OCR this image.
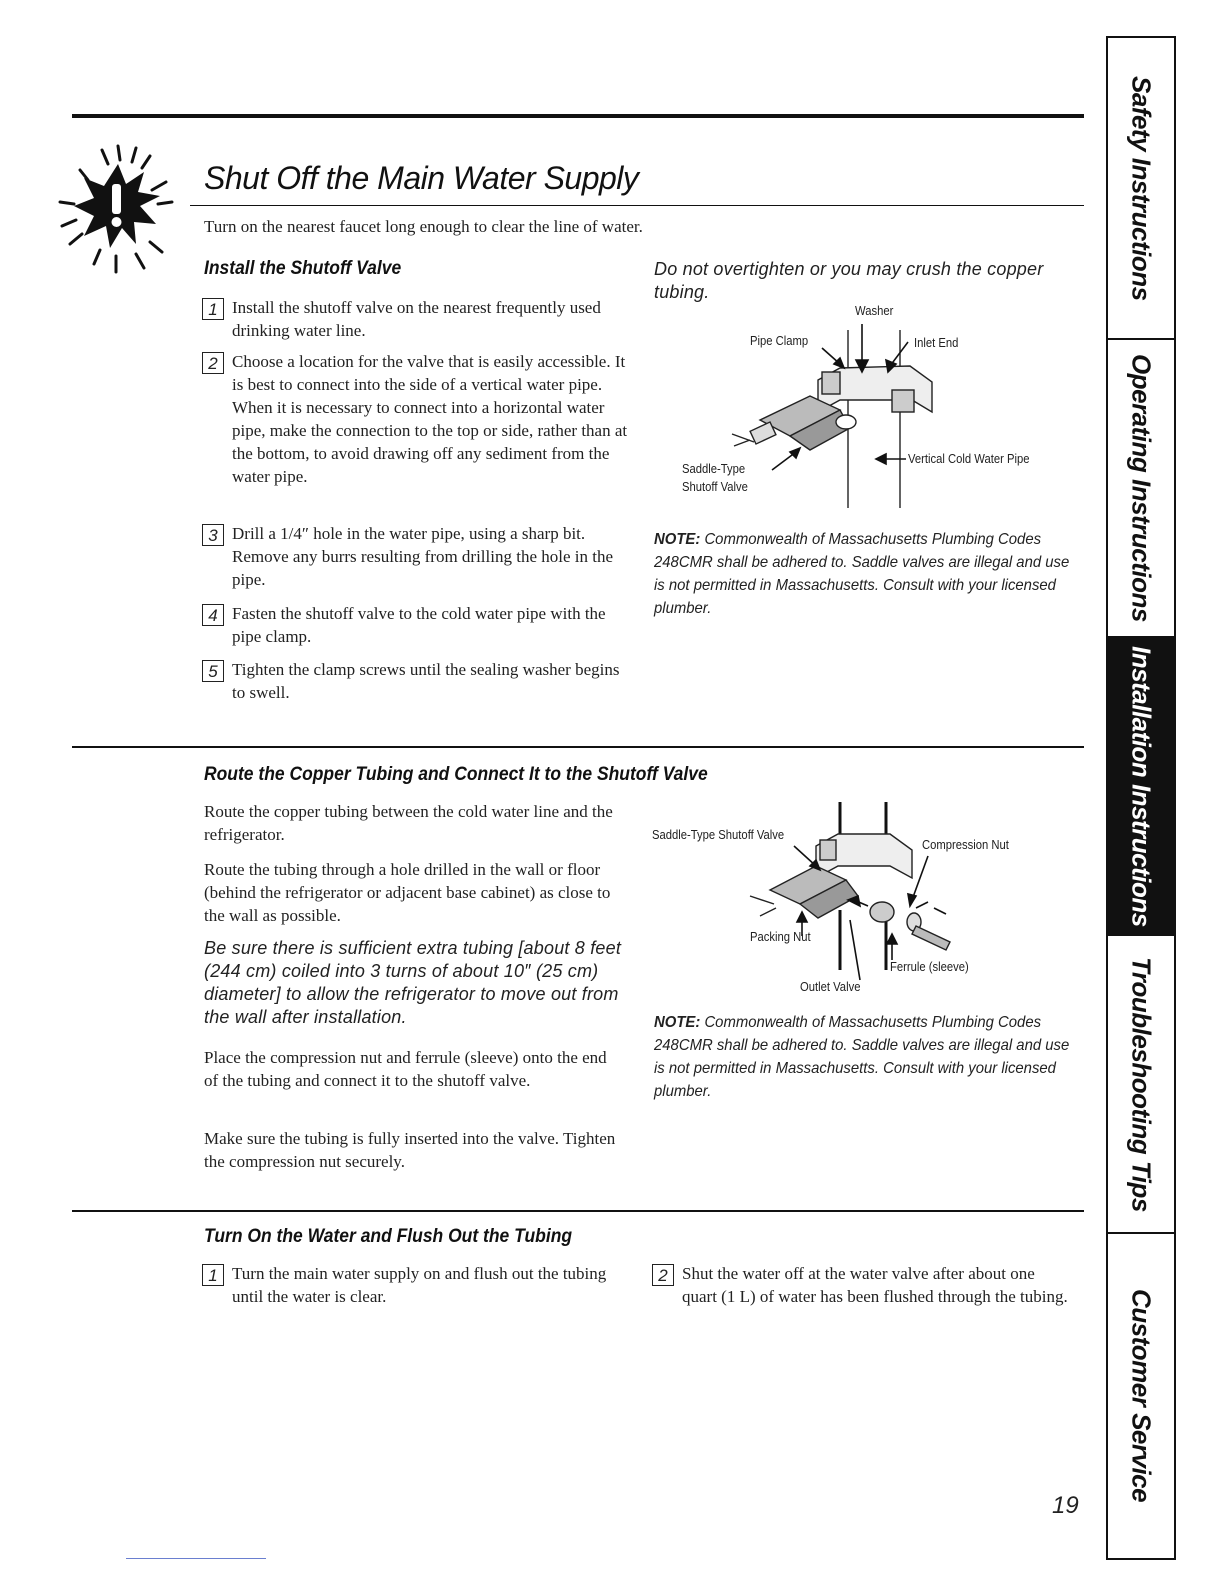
Shut Off the Main Water Supply
Turn on the nearest faucet long enough to clear the line of water.
Install the Shutoff Valve
1 Install the shutoff valve on the nearest frequently used drinking water line.
2 Choose a location for the valve that is easily accessible. It is best to connect into the side of a vertical water pipe. When it is necessary to connect into a horizontal water pipe, make the connection to the top or side, rather than at the bottom, to avoid drawing off any sediment from the water pipe.
3 Drill a 1/4″ hole in the water pipe, using a sharp bit. Remove any burrs resulting from drilling the hole in the pipe.
4 Fasten the shutoff valve to the cold water pipe with the pipe clamp.
5 Tighten the clamp screws until the sealing washer begins to swell.
Do not overtighten or you may crush the copper tubing.
Washer
Pipe Clamp	Inlet End
Saddle-Type
Shutoff Valve
Vertical Cold Water Pipe
NOTE: Commonwealth of Massachusetts Plumbing Codes 248CMR shall be adhered to. Saddle valves are illegal and use is not permitted in Massachusetts. Consult with your licensed plumber.
Route the Copper Tubing and Connect It to the Shutoff Valve
Route the copper tubing between the cold water line and the refrigerator.
Route the tubing through a hole drilled in the wall or floor (behind the refrigerator or adjacent base cabinet) as close to the wall as possible.
Be sure there is sufficient extra tubing [about 8 feet (244 cm) coiled into 3 turns of about 10″ (25 cm) diameter] to allow the refrigerator to move out from the wall after installation.
Place the compression nut and ferrule (sleeve) onto the end of the tubing and connect it to the shutoff valve.
Make sure the tubing is fully inserted into the valve. Tighten the compression nut securely.
Saddle-Type Shutoff Valve
Compression Nut
Packing Nut
Ferrule (sleeve)
Outlet Valve
NOTE: Commonwealth of Massachusetts Plumbing Codes 248CMR shall be adhered to. Saddle valves are illegal and use is not permitted in Massachusetts. Consult with your licensed plumber.
Turn On the Water and Flush Out the Tubing
1 Turn the main water supply on and flush out the tubing until the water is clear.
2 Shut the water off at the water valve after about one quart (1 L) of water has been flushed through the tubing.
19
Safety Instructions
Operating Instructions
Installation Instructions
Troubleshooting Tips
Customer Service
